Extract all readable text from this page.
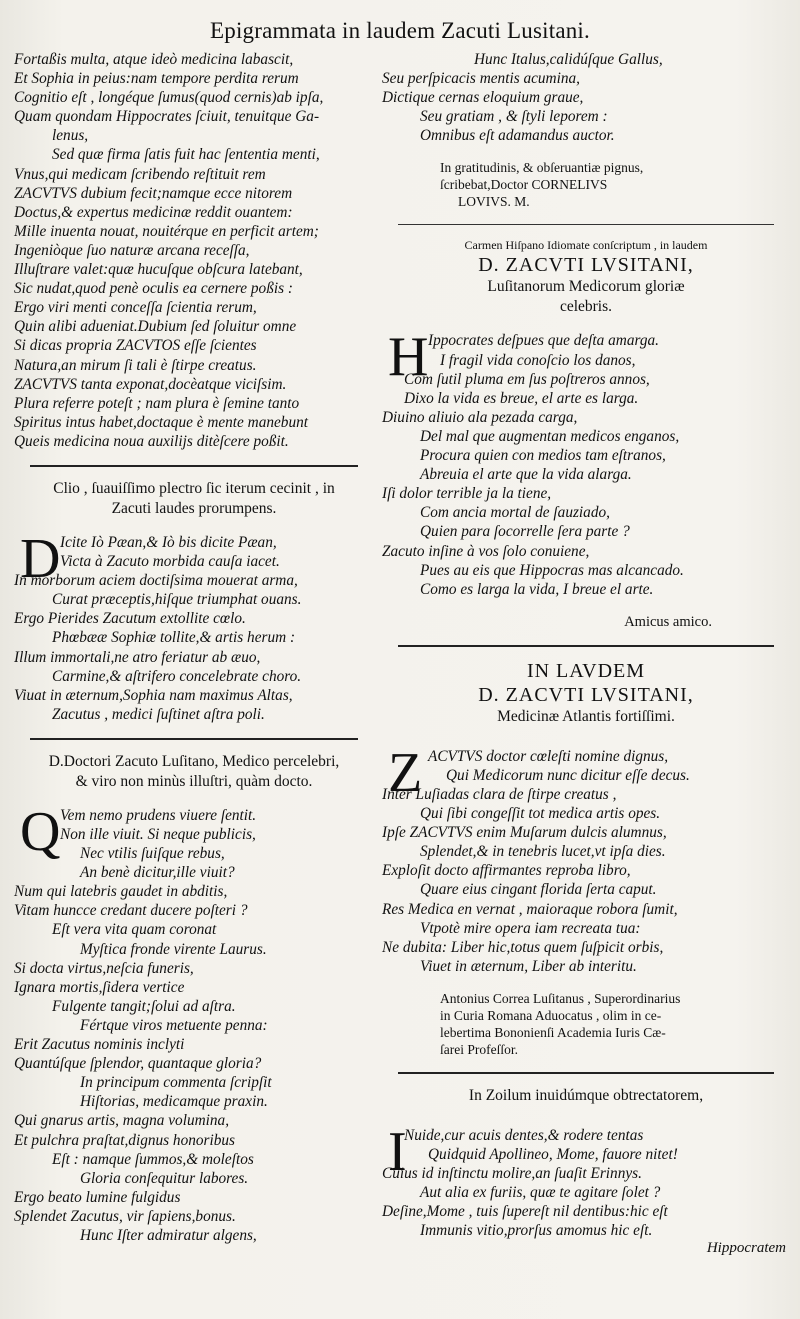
Epigrammata in laudem Zacuti Lusitani.
Fortaßis multa, atque ideò medicina labascit,
Et Sophia in peius:nam tempore perdita rerum
Cognitio eſt , longéque ſumus(quod cernis)ab ipſa,
Quam quondam Hippocrates ſciuit, tenuitque Ga-
lenus,
Sed quæ firma ſatis fuit hac ſententia menti,
Vnus,qui medicam ſcribendo reſtituit rem
ZACVTVS dubium fecit;namque ecce nitorem
Doctus,& expertus medicinæ reddit ouantem:
Mille inuenta nouat, nouitérque en perficit artem;
Ingeniòque ſuo naturæ arcana receſſa,
Illuſtrare valet:quæ hucuſque obſcura latebant,
Sic nudat,quod penè oculis ea cernere poßis :
Ergo viri menti conceſſa ſcientia rerum,
Quin alibi adueniat.Dubium ſed ſoluitur omne
Si dicas propria ZACVTOS eſſe ſcientes
Natura,an mirum ſi tali è ſtirpe creatus.
ZACVTVS tanta exponat,docèatque viciſsim.
Plura referre poteſt ; nam plura è ſemine tanto
Spiritus intus habet,doctaque è mente manebunt
Queis medicina noua auxilijs ditèſcere poßit.
Clio , ſuauiſſimo plectro ſic iterum cecinit , in
Zacuti laudes prorumpens.
D Icite Iò Pæan,& Iò bis dicite Pæan,
Victa à Zacuto morbida cauſa iacet.
In morborum aciem doctiſsima mouerat arma,
Curat præceptis,hiſque triumphat ouans.
Ergo Pierides Zacutum extollite cœlo.
Phœbææ Sophiæ tollite,& artis herum :
Illum immortali,ne atro feriatur ab æuo,
Carmine,& aſtrifero concelebrate choro.
Viuat in æternum,Sophia nam maximus Altas,
Zacutus , medici ſuſtinet aſtra poli.
D.Doctori Zacuto Luſitano, Medico percelebri,
& viro non minùs illuſtri, quàm docto.
Q Vem nemo prudens viuere ſentit.
Non ille viuit. Si neque publicis,
Nec vtilis ſuiſque rebus,
An benè dicitur,ille viuit?
Num qui latebris gaudet in abditis,
Vitam huncce credant ducere poſteri ?
Eſt vera vita quam coronat
Myſtica fronde virente Laurus.
Si docta virtus,neſcia funeris,
Ignara mortis,ſidera vertice
Fulgente tangit;ſolui ad aſtra.
Fértque viros metuente penna:
Erit Zacutus nominis inclyti
Quantúſque ſplendor, quantaque gloria?
In principum commenta ſcripſit
Hiſtorias, medicamque praxin.
Qui gnarus artis, magna volumina,
Et pulchra praſtat,dignus honoribus
Eſt : namque ſummos,& moleſtos
Gloria conſequitur labores.
Ergo beato lumine fulgidus
Splendet Zacutus, vir ſapiens,bonus.
Hunc Iſter admiratur algens,
Hunc Italus,calidúſque Gallus,
Seu perſpicacis mentis acumina,
Dictique cernas eloquium graue,
Seu gratiam , & ſtyli leporem :
Omnibus eſt adamandus auctor.
In gratitudinis, & obſeruantiæ pignus,
ſcribebat,Doctor CORNELIVS
LOVIVS. M.
Carmen Hiſpano Idiomate conſcriptum , in laudem
D. ZACVTI LVSITANI,
Luſitanorum Medicorum gloriæ
celebris.
H Ippocrates deſpues que deſta amarga.
I fragil vida conoſcio los danos,
Com ſutil pluma em ſus poſtreros annos,
Dixo la vida es breue, el arte es larga.
Diuino aliuio ala pezada carga,
Del mal que augmentan medicos enganos,
Procura quien con medios tam eſtranos,
Abreuia el arte que la vida alarga.
Iſi dolor terrible ja la tiene,
Com ancia mortal de ſauziado,
Quien para ſocorrelle ſera parte ?
Zacuto inſine à vos ſolo conuiene,
Pues au eis que Hippocras mas alcancado.
Como es larga la vida, I breue el arte.
Amicus amico.
IN LAVDEM
D. ZACVTI LVSITANI,
Medicinæ Atlantis fortiſſimi.
Z ACVTVS doctor cœleſti nomine dignus,
Qui Medicorum nunc dicitur eſſe decus.
Inter Luſiadas clara de ſtirpe creatus ,
Qui ſibi congeſſit tot medica artis opes.
Ipſe ZACVTVS enim Muſarum dulcis alumnus,
Splendet,& in tenebris lucet,vt ipſa dies.
Exploſit docto affirmantes reproba libro,
Quare eius cingant florida ſerta caput.
Res Medica en vernat , maioraque robora ſumit,
Vtpotè mire opera iam recreata tua:
Ne dubita: Liber hic,totus quem ſuſpicit orbis,
Viuet in æternum, Liber ab interitu.
Antonius Correa Luſitanus , Superordinarius
in Curia Romana Aduocatus , olim in ce-
lebertima Bononienſi Academia Iuris Cæ-
ſarei Profeſſor.
In Zoilum inuidúmque obtrectatorem,
I
Nuide,cur acuis dentes,& rodere tentas
Quidquid Apollineo, Mome, fauore nitet!
Cuius id inſtinctu molire,an ſuaſit Erinnys.
Aut alia ex furiis, quæ te agitare ſolet ?
Deſine,Mome , tuis ſupereſt nil dentibus:hic eſt
Immunis vitio,prorſus amomus hic eſt.
Hippocratem
